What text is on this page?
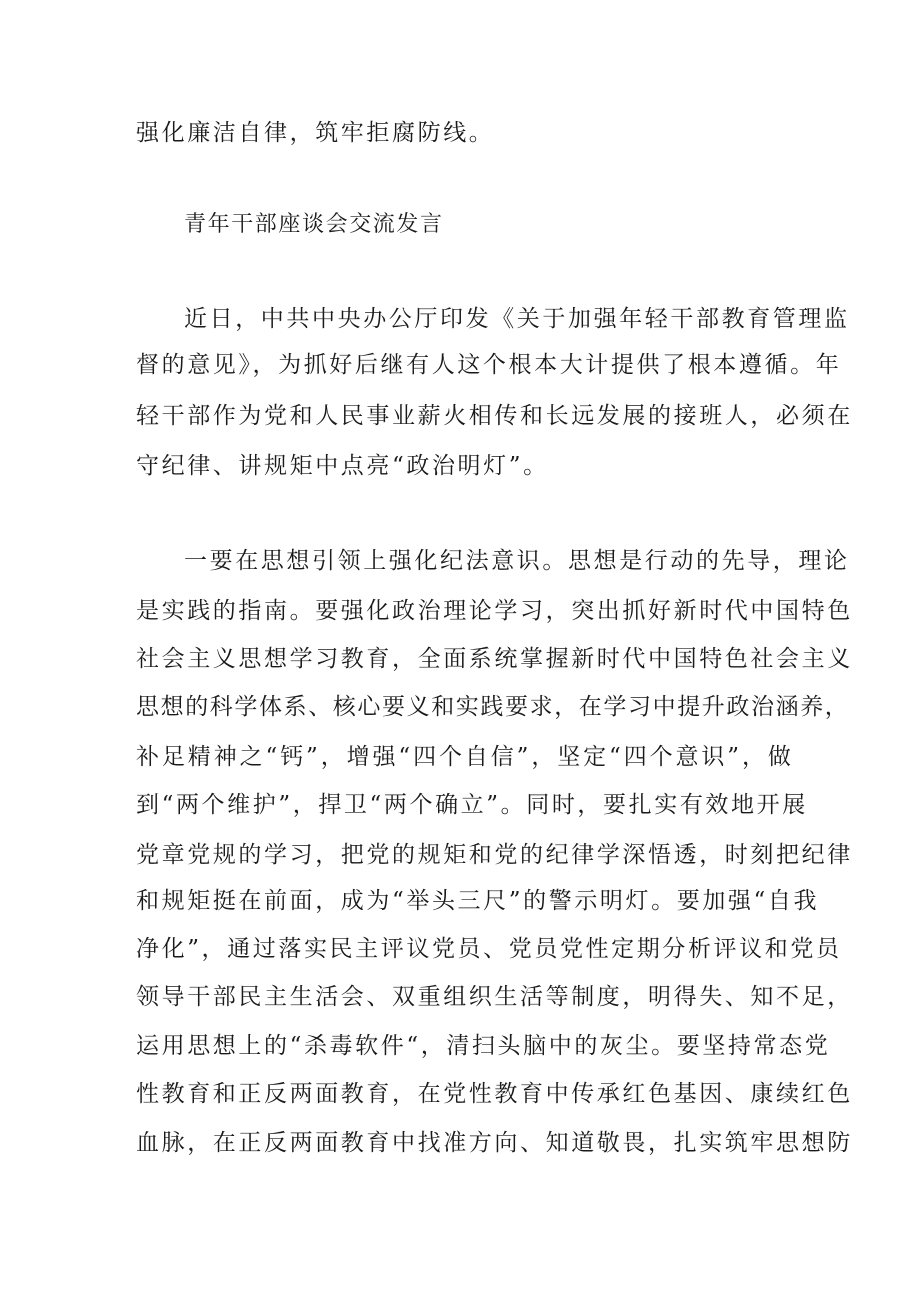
强化廉洁自律，筑牢拒腐防线。
青年干部座谈会交流发言
近日，中共中央办公厅印发《关于加强年轻干部教育管理监
督的意见》，为抓好后继有人这个根本大计提供了根本遵循。年
轻干部作为党和人民事业薪火相传和长远发展的接班人，必须在
守纪律、讲规矩中点亮“政治明灯”。
一要在思想引领上强化纪法意识。思想是行动的先导，理论
是实践的指南。要强化政治理论学习，突出抓好新时代中国特色
社会主义思想学习教育，全面系统掌握新时代中国特色社会主义
思想的科学体系、核心要义和实践要求，在学习中提升政治涵养，
补足精神之“钙”，增强“四个自信”，坚定“四个意识”，做
到“两个维护”，捍卫“两个确立”。同时，要扎实有效地开展
党章党规的学习，把党的规矩和党的纪律学深悟透，时刻把纪律
和规矩挺在前面，成为“举头三尺”的警示明灯。要加强“自我
净化”，通过落实民主评议党员、党员党性定期分析评议和党员
领导干部民主生活会、双重组织生活等制度，明得失、知不足，
运用思想上的“杀毒软件“，清扫头脑中的灰尘。要坚持常态党
性教育和正反两面教育，在党性教育中传承红色基因、康续红色
血脉，在正反两面教育中找准方向、知道敬畏，扎实筑牢思想防
